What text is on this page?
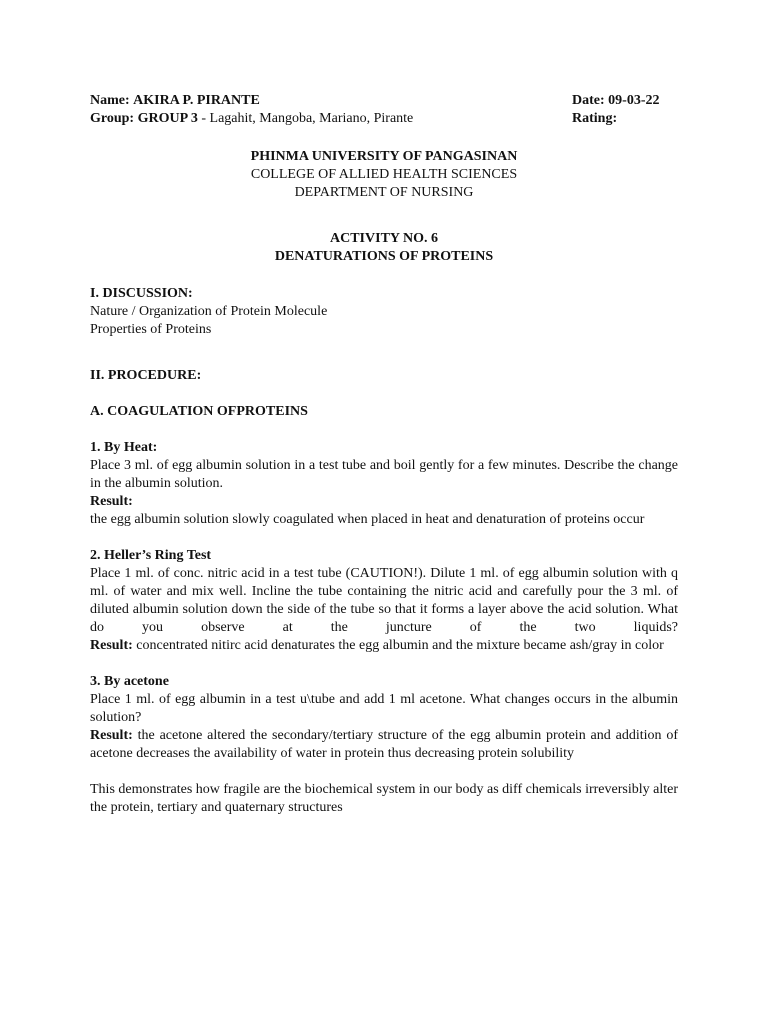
Name: AKIRA P. PIRANTE	Date: 09-03-22
Group: GROUP 3 - Lagahit, Mangoba, Mariano, Pirante	Rating:

PHINMA UNIVERSITY OF PANGASINAN

COLLEGE OF ALLIED HEALTH SCIENCES

DEPARTMENT OF NURSING

ACTIVITY NO. 6

DENATURATIONS OF PROTEINS

I. DISCUSSION:

Nature / Organization of Protein Molecule

Properties of Proteins

II. PROCEDURE:

A. COAGULATION OFPROTEINS

1. By Heat:

Place 3 ml. of egg albumin solution in a test tube and boil gently for a few minutes. Describe the change in the albumin solution.

Result:

the egg albumin solution slowly coagulated when placed in heat and denaturation of proteins occur

2. Heller’s Ring Test

Place 1 ml. of conc. nitric acid in a test tube (CAUTION!). Dilute 1 ml. of egg albumin solution with q ml. of water and mix well. Incline the tube containing the nitric acid and carefully pour the 3 ml. of diluted albumin solution down the side of the tube so that it forms a layer above the acid solution. What do you observe at the juncture of the two liquids?

Result: concentrated nitirc acid denaturates the egg albumin and the mixture became ash/gray in color

3. By acetone

Place 1 ml. of egg albumin in a test u\tube and add 1 ml acetone. What changes occurs in the albumin solution?

Result: the acetone altered the secondary/tertiary structure of the egg albumin protein and addition of acetone decreases the availability of water in protein thus decreasing protein solubility

This demonstrates how fragile are the biochemical system in our body as diff chemicals irreversibly alter the protein, tertiary and quaternary structures
